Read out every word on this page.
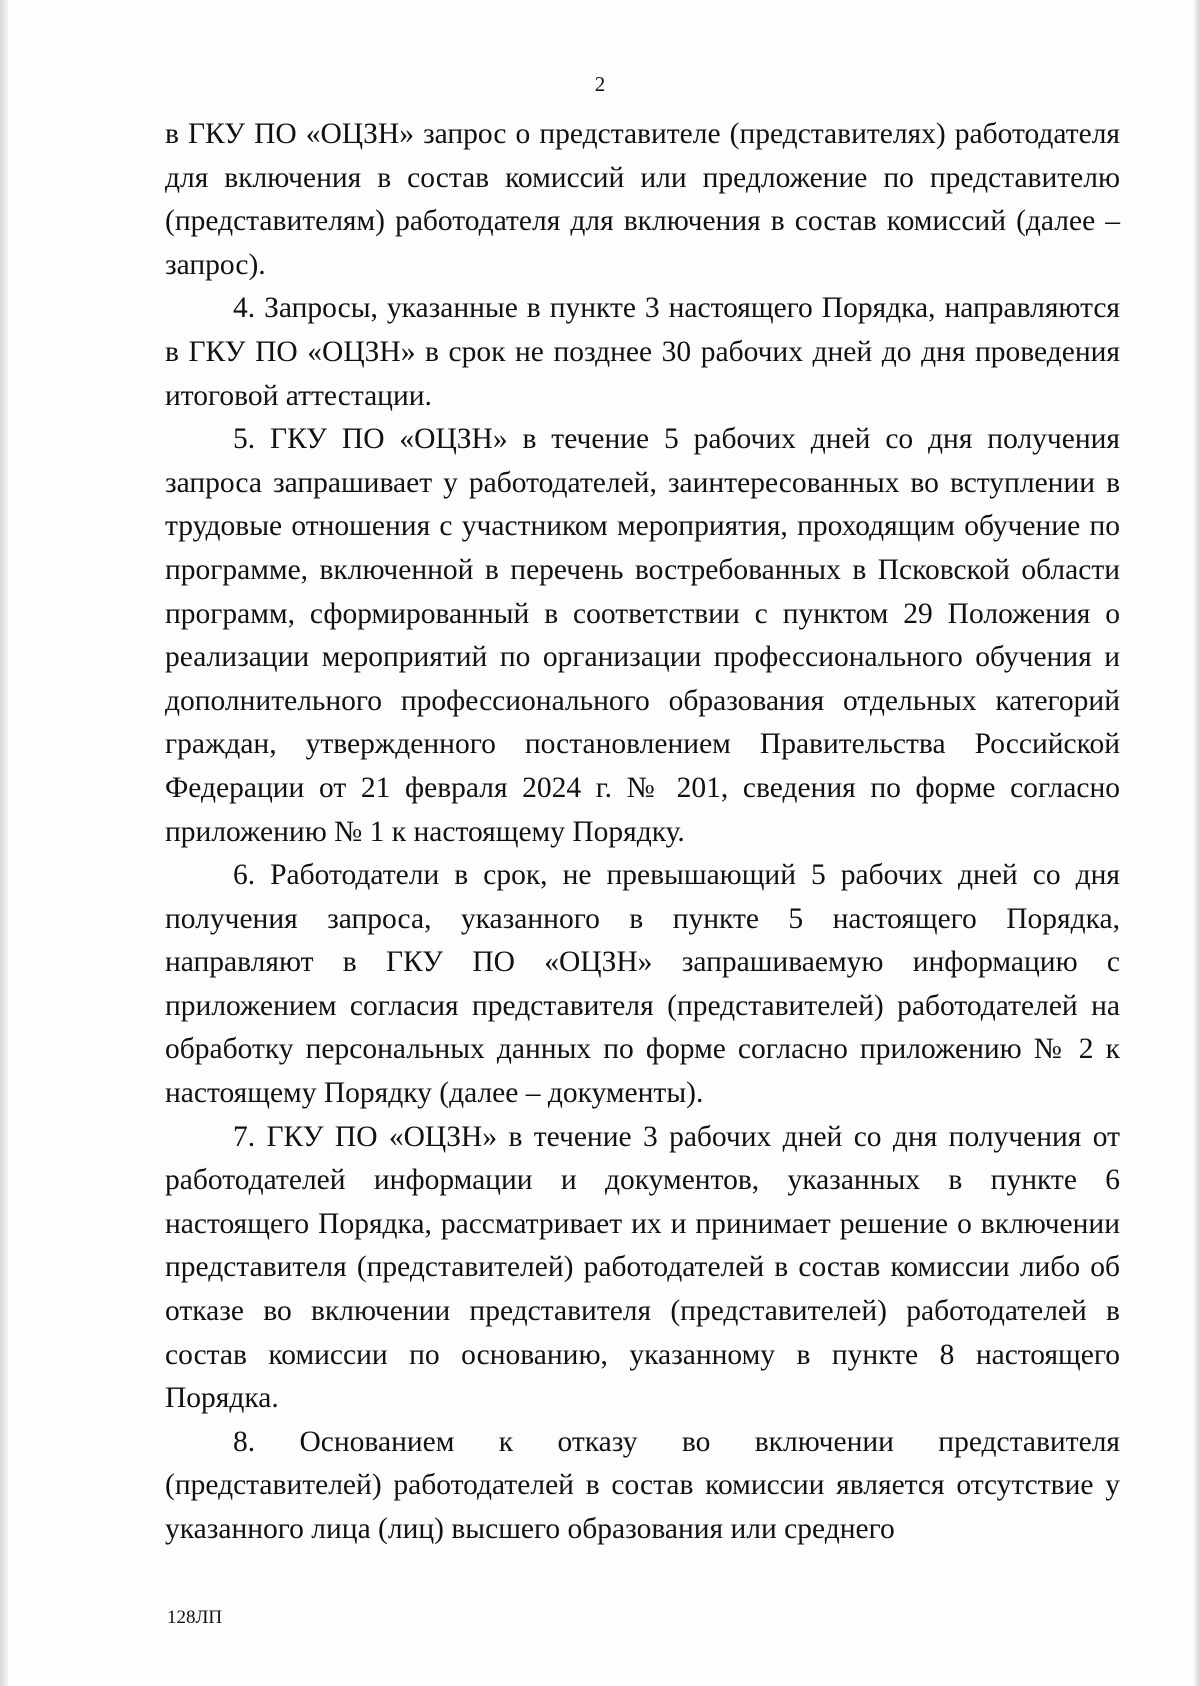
2

в ГКУ ПО «ОЦЗН» запрос о представителе (представителях) работодателя для включения в состав комиссий или предложение по представителю (представителям) работодателя для включения в состав комиссий (далее – запрос).

4. Запросы, указанные в пункте 3 настоящего Порядка, направляются в ГКУ ПО «ОЦЗН» в срок не позднее 30 рабочих дней до дня проведения итоговой аттестации.

5. ГКУ ПО «ОЦЗН» в течение 5 рабочих дней со дня получения запроса запрашивает у работодателей, заинтересованных во вступлении в трудовые отношения с участником мероприятия, проходящим обучение по программе, включенной в перечень востребованных в Псковской области программ, сформированный в соответствии с пунктом 29 Положения о реализации мероприятий по организации профессионального обучения и дополнительного профессионального образования отдельных категорий граждан, утвержденного постановлением Правительства Российской Федерации от 21 февраля 2024 г. № 201, сведения по форме согласно приложению № 1 к настоящему Порядку.

6. Работодатели в срок, не превышающий 5 рабочих дней со дня получения запроса, указанного в пункте 5 настоящего Порядка, направляют в ГКУ ПО «ОЦЗН» запрашиваемую информацию с приложением согласия представителя (представителей) работодателей на обработку персональных данных по форме согласно приложению № 2 к настоящему Порядку (далее – документы).

7. ГКУ ПО «ОЦЗН» в течение 3 рабочих дней со дня получения от работодателей информации и документов, указанных в пункте 6 настоящего Порядка, рассматривает их и принимает решение о включении представителя (представителей) работодателей в состав комиссии либо об отказе во включении представителя (представителей) работодателей в состав комиссии по основанию, указанному в пункте 8 настоящего Порядка.

8. Основанием к отказу во включении представителя (представителей) работодателей в состав комиссии является отсутствие у указанного лица (лиц) высшего образования или среднего

128ЛП
